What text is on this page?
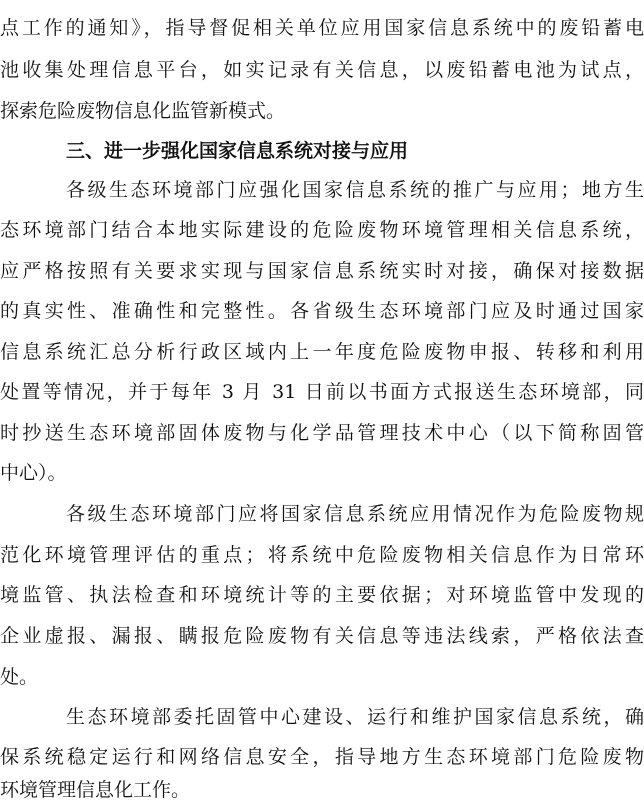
点工作的通知》，指导督促相关单位应用国家信息系统中的废铅蓄电
池收集处理信息平台，如实记录有关信息，以废铅蓄电池为试点，
探索危险废物信息化监管新模式。
三、进一步强化国家信息系统对接与应用
各级生态环境部门应强化国家信息系统的推广与应用；地方生
态环境部门结合本地实际建设的危险废物环境管理相关信息系统，
应严格按照有关要求实现与国家信息系统实时对接，确保对接数据
的真实性、准确性和完整性。各省级生态环境部门应及时通过国家
信息系统汇总分析行政区域内上一年度危险废物申报、转移和利用
处置等情况，并于每年 3 月 31 日前以书面方式报送生态环境部，同
时抄送生态环境部固体废物与化学品管理技术中心（以下简称固管
中心）。
各级生态环境部门应将国家信息系统应用情况作为危险废物规
范化环境管理评估的重点；将系统中危险废物相关信息作为日常环
境监管、执法检查和环境统计等的主要依据；对环境监管中发现的
企业虚报、漏报、瞒报危险废物有关信息等违法线索，严格依法查
处。
生态环境部委托固管中心建设、运行和维护国家信息系统，确
保系统稳定运行和网络信息安全，指导地方生态环境部门危险废物
环境管理信息化工作。
